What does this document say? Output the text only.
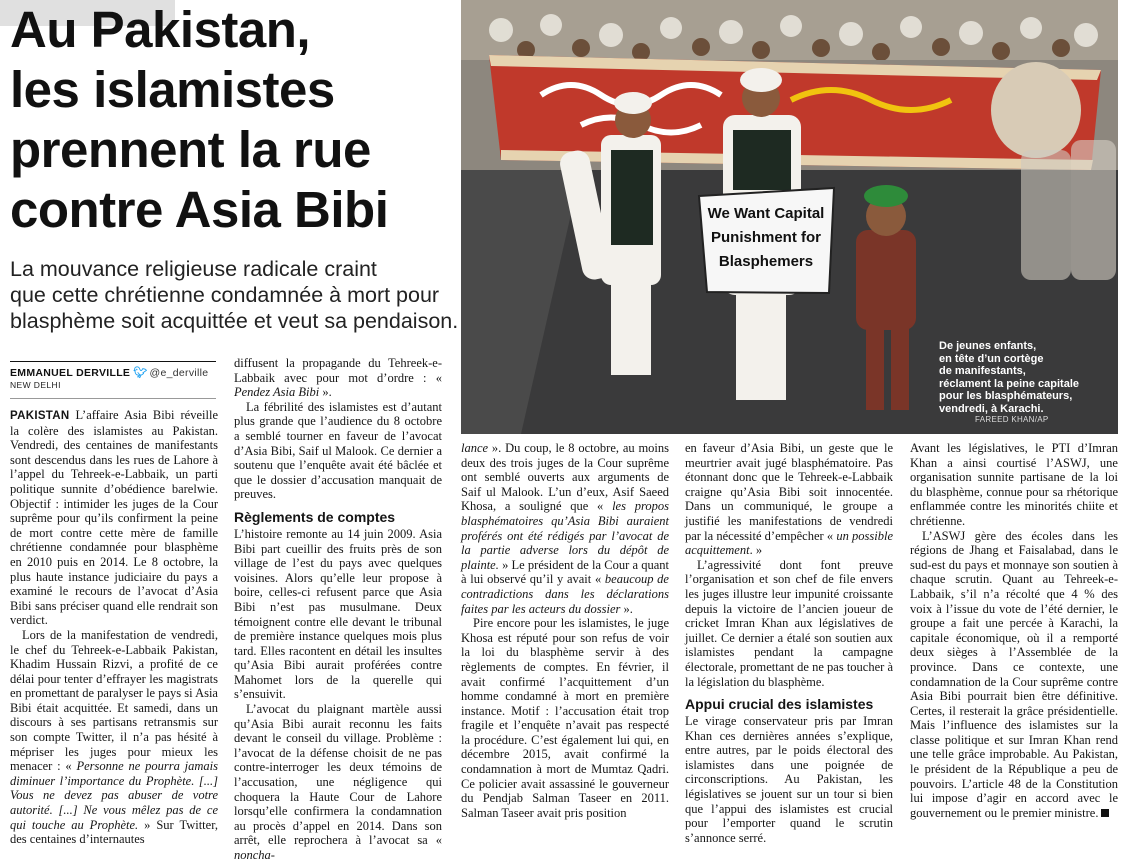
Au Pakistan,
les islamistes
prennent la rue
contre Asia Bibi
La mouvance religieuse radicale craint
que cette chrétienne condamnée à mort pour
blasphème soit acquittée et veut sa pendaison.
We Want Capital
Punishment for
Blasphemers
De jeunes enfants,
en tête d’un cortège
de manifestants,
réclament la peine capitale
pour les blasphémateurs,
vendredi, à Karachi.
FAREED KHAN/AP
EMMANUEL DERVILLE 🐦︎ @e_derville
NEW DELHI

PAKISTAN L’affaire Asia Bibi réveille la colère des islamistes au Pakistan. Vendredi, des centaines de manifestants sont descendus dans les rues de Lahore à l’appel du Tehreek-e-Labbaik, un parti politique sunnite d’obédience barelwie. Objectif : intimider les juges de la Cour suprême pour qu’ils confirment la peine de mort contre cette mère de famille chrétienne condamnée pour blasphème en 2010 puis en 2014. Le 8 octobre, la plus haute instance judiciaire du pays a examiné le recours de l’avocat d’Asia Bibi sans préciser quand elle rendrait son verdict.

Lors de la manifestation de vendredi, le chef du Tehreek-e-Labbaik Pakistan, Khadim Hussain Rizvi, a profité de ce délai pour tenter d’effrayer les magistrats en promettant de paralyser le pays si Asia Bibi était acquittée. Et samedi, dans un discours à ses partisans retransmis sur son compte Twitter, il n’a pas hésité à mépriser les juges pour mieux les menacer : « Personne ne pourra jamais diminuer l’importance du Prophète. [...] Vous ne devez pas abuser de votre autorité. [...] Ne vous mêlez pas de ce qui touche au Prophète. » Sur Twitter, des centaines d’internautes

diffusent la propagande du Tehreek-e-Labbaik avec pour mot d’ordre : « Pendez Asia Bibi ».

La fébrilité des islamistes est d’autant plus grande que l’audience du 8 octobre a semblé tourner en faveur de l’avocat d’Asia Bibi, Saif ul Malook. Ce dernier a soutenu que l’enquête avait été bâclée et que le dossier d’accusation manquait de preuves.

Règlements de comptes

L’histoire remonte au 14 juin 2009. Asia Bibi part cueillir des fruits près de son village de l’est du pays avec quelques voisines. Alors qu’elle leur propose à boire, celles-ci refusent parce que Asia Bibi n’est pas musulmane. Deux témoignent contre elle devant le tribunal de première instance quelques mois plus tard. Elles racontent en détail les insultes qu’Asia Bibi aurait proférées contre Mahomet lors de la querelle qui s’ensuivit.

L’avocat du plaignant martèle aussi qu’Asia Bibi aurait reconnu les faits devant le conseil du village. Problème : l’avocat de la défense choisit de ne pas contre-interroger les deux témoins de l’accusation, une négligence qui choquera la Haute Cour de Lahore lorsqu’elle confirmera la condamnation au procès d’appel en 2014. Dans son arrêt, elle reprochera à l’avocat sa « noncha-

lance ». Du coup, le 8 octobre, au moins deux des trois juges de la Cour suprême ont semblé ouverts aux arguments de Saif ul Malook. L’un d’eux, Asif Saeed Khosa, a souligné que « les propos blasphématoires qu’Asia Bibi auraient proférés ont été rédigés par l’avocat de la partie adverse lors du dépôt de plainte. » Le président de la Cour a quant à lui observé qu’il y avait « beaucoup de contradictions dans les déclarations faites par les acteurs du dossier ».

Pire encore pour les islamistes, le juge Khosa est réputé pour son refus de voir la loi du blasphème servir à des règlements de comptes. En février, il avait confirmé l’acquittement d’un homme condamné à mort en première instance. Motif : l’accusation était trop fragile et l’enquête n’avait pas respecté la procédure. C’est également lui qui, en décembre 2015, avait confirmé la condamnation à mort de Mumtaz Qadri. Ce policier avait assassiné le gouverneur du Pendjab Salman Taseer en 2011. Salman Taseer avait pris position

en faveur d’Asia Bibi, un geste que le meurtrier avait jugé blasphématoire. Pas étonnant donc que le Tehreek-e-Labbaik craigne qu’Asia Bibi soit innocentée. Dans un communiqué, le groupe a justifié les manifestations de vendredi par la nécessité d’empêcher « un possible acquittement. »

L’agressivité dont font preuve l’organisation et son chef de file envers les juges illustre leur impunité croissante depuis la victoire de l’ancien joueur de cricket Imran Khan aux législatives de juillet. Ce dernier a étalé son soutien aux islamistes pendant la campagne électorale, promettant de ne pas toucher à la législation du blasphème.

Appui crucial des islamistes

Le virage conservateur pris par Imran Khan ces dernières années s’explique, entre autres, par le poids électoral des islamistes dans une poignée de circonscriptions. Au Pakistan, les législatives se jouent sur un tour si bien que l’appui des islamistes est crucial pour l’emporter quand le scrutin s’annonce serré.

Avant les législatives, le PTI d’Imran Khan a ainsi courtisé l’ASWJ, une organisation sunnite partisane de la loi du blasphème, connue pour sa rhétorique enflammée contre les minorités chiite et chrétienne.

L’ASWJ gère des écoles dans les régions de Jhang et Faisalabad, dans le sud-est du pays et monnaye son soutien à chaque scrutin. Quant au Tehreek-e-Labbaik, s’il n’a récolté que 4 % des voix à l’issue du vote de l’été dernier, le groupe a fait une percée à Karachi, la capitale économique, où il a remporté deux sièges à l’Assemblée de la province. Dans ce contexte, une condamnation de la Cour suprême contre Asia Bibi pourrait bien être définitive. Certes, il resterait la grâce présidentielle. Mais l’influence des islamistes sur la classe politique et sur Imran Khan rend une telle grâce improbable. Au Pakistan, le président de la République a peu de pouvoirs. L’article 48 de la Constitution lui impose d’agir en accord avec le gouvernement ou le premier ministre.
